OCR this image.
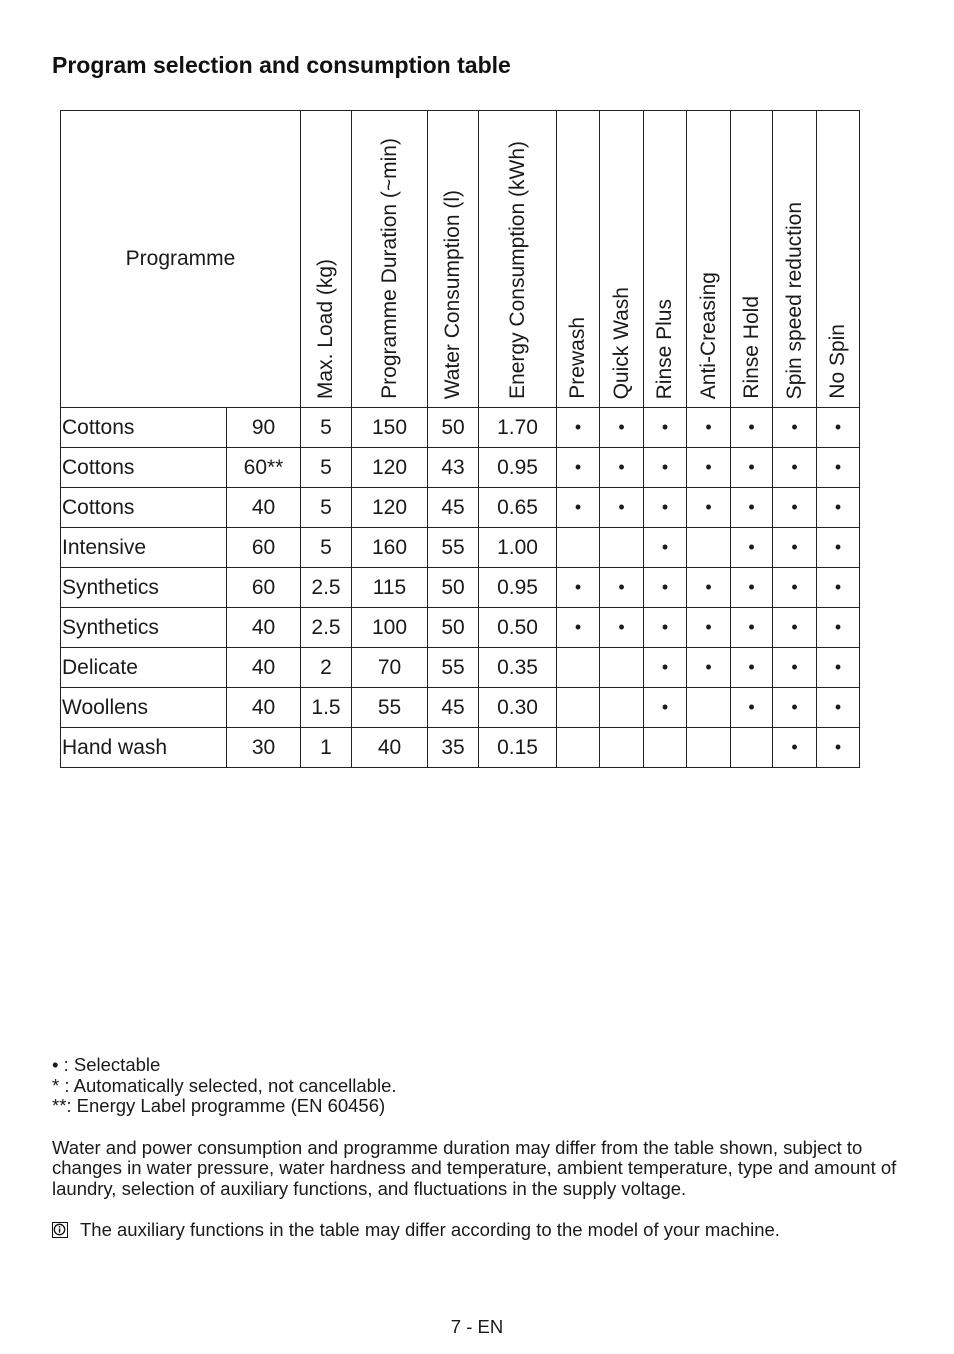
Program selection and consumption table
Programme		Max. Load (kg)	Programme Duration (~min)	Water Consumption (l)	Energy Consumption (kWh)	Prewash	Quick Wash	Rinse Plus	Anti-Creasing	Rinse Hold	Spin speed reduction	No Spin

Cottons	90	5	150	50	1.70	•	•	•	•	•	•	•
Cottons	60**	5	120	43	0.95	•	•	•	•	•	•	•
Cottons	40	5	120	45	0.65	•	•	•	•	•	•	•
Intensive	60	5	160	55	1.00			•		•	•	•
Synthetics	60	2.5	115	50	0.95	•	•	•	•	•	•	•
Synthetics	40	2.5	100	50	0.50	•	•	•	•	•	•	•
Delicate	40	2	70	55	0.35			•	•	•	•	•
Woollens	40	1.5	55	45	0.30			•		•	•	•
Hand wash	30	1	40	35	0.15						•	•

• : Selectable

* : Automatically selected, not cancellable.

**: Energy Label programme (EN 60456)

Water and power consumption and programme duration may differ from the table shown, subject to changes in water pressure, water hardness and temperature, ambient temperature, type and amount of laundry, selection of auxiliary functions, and fluctuations in the supply voltage.

The auxiliary functions in the table may differ according to the model of your machine.
7 - EN
